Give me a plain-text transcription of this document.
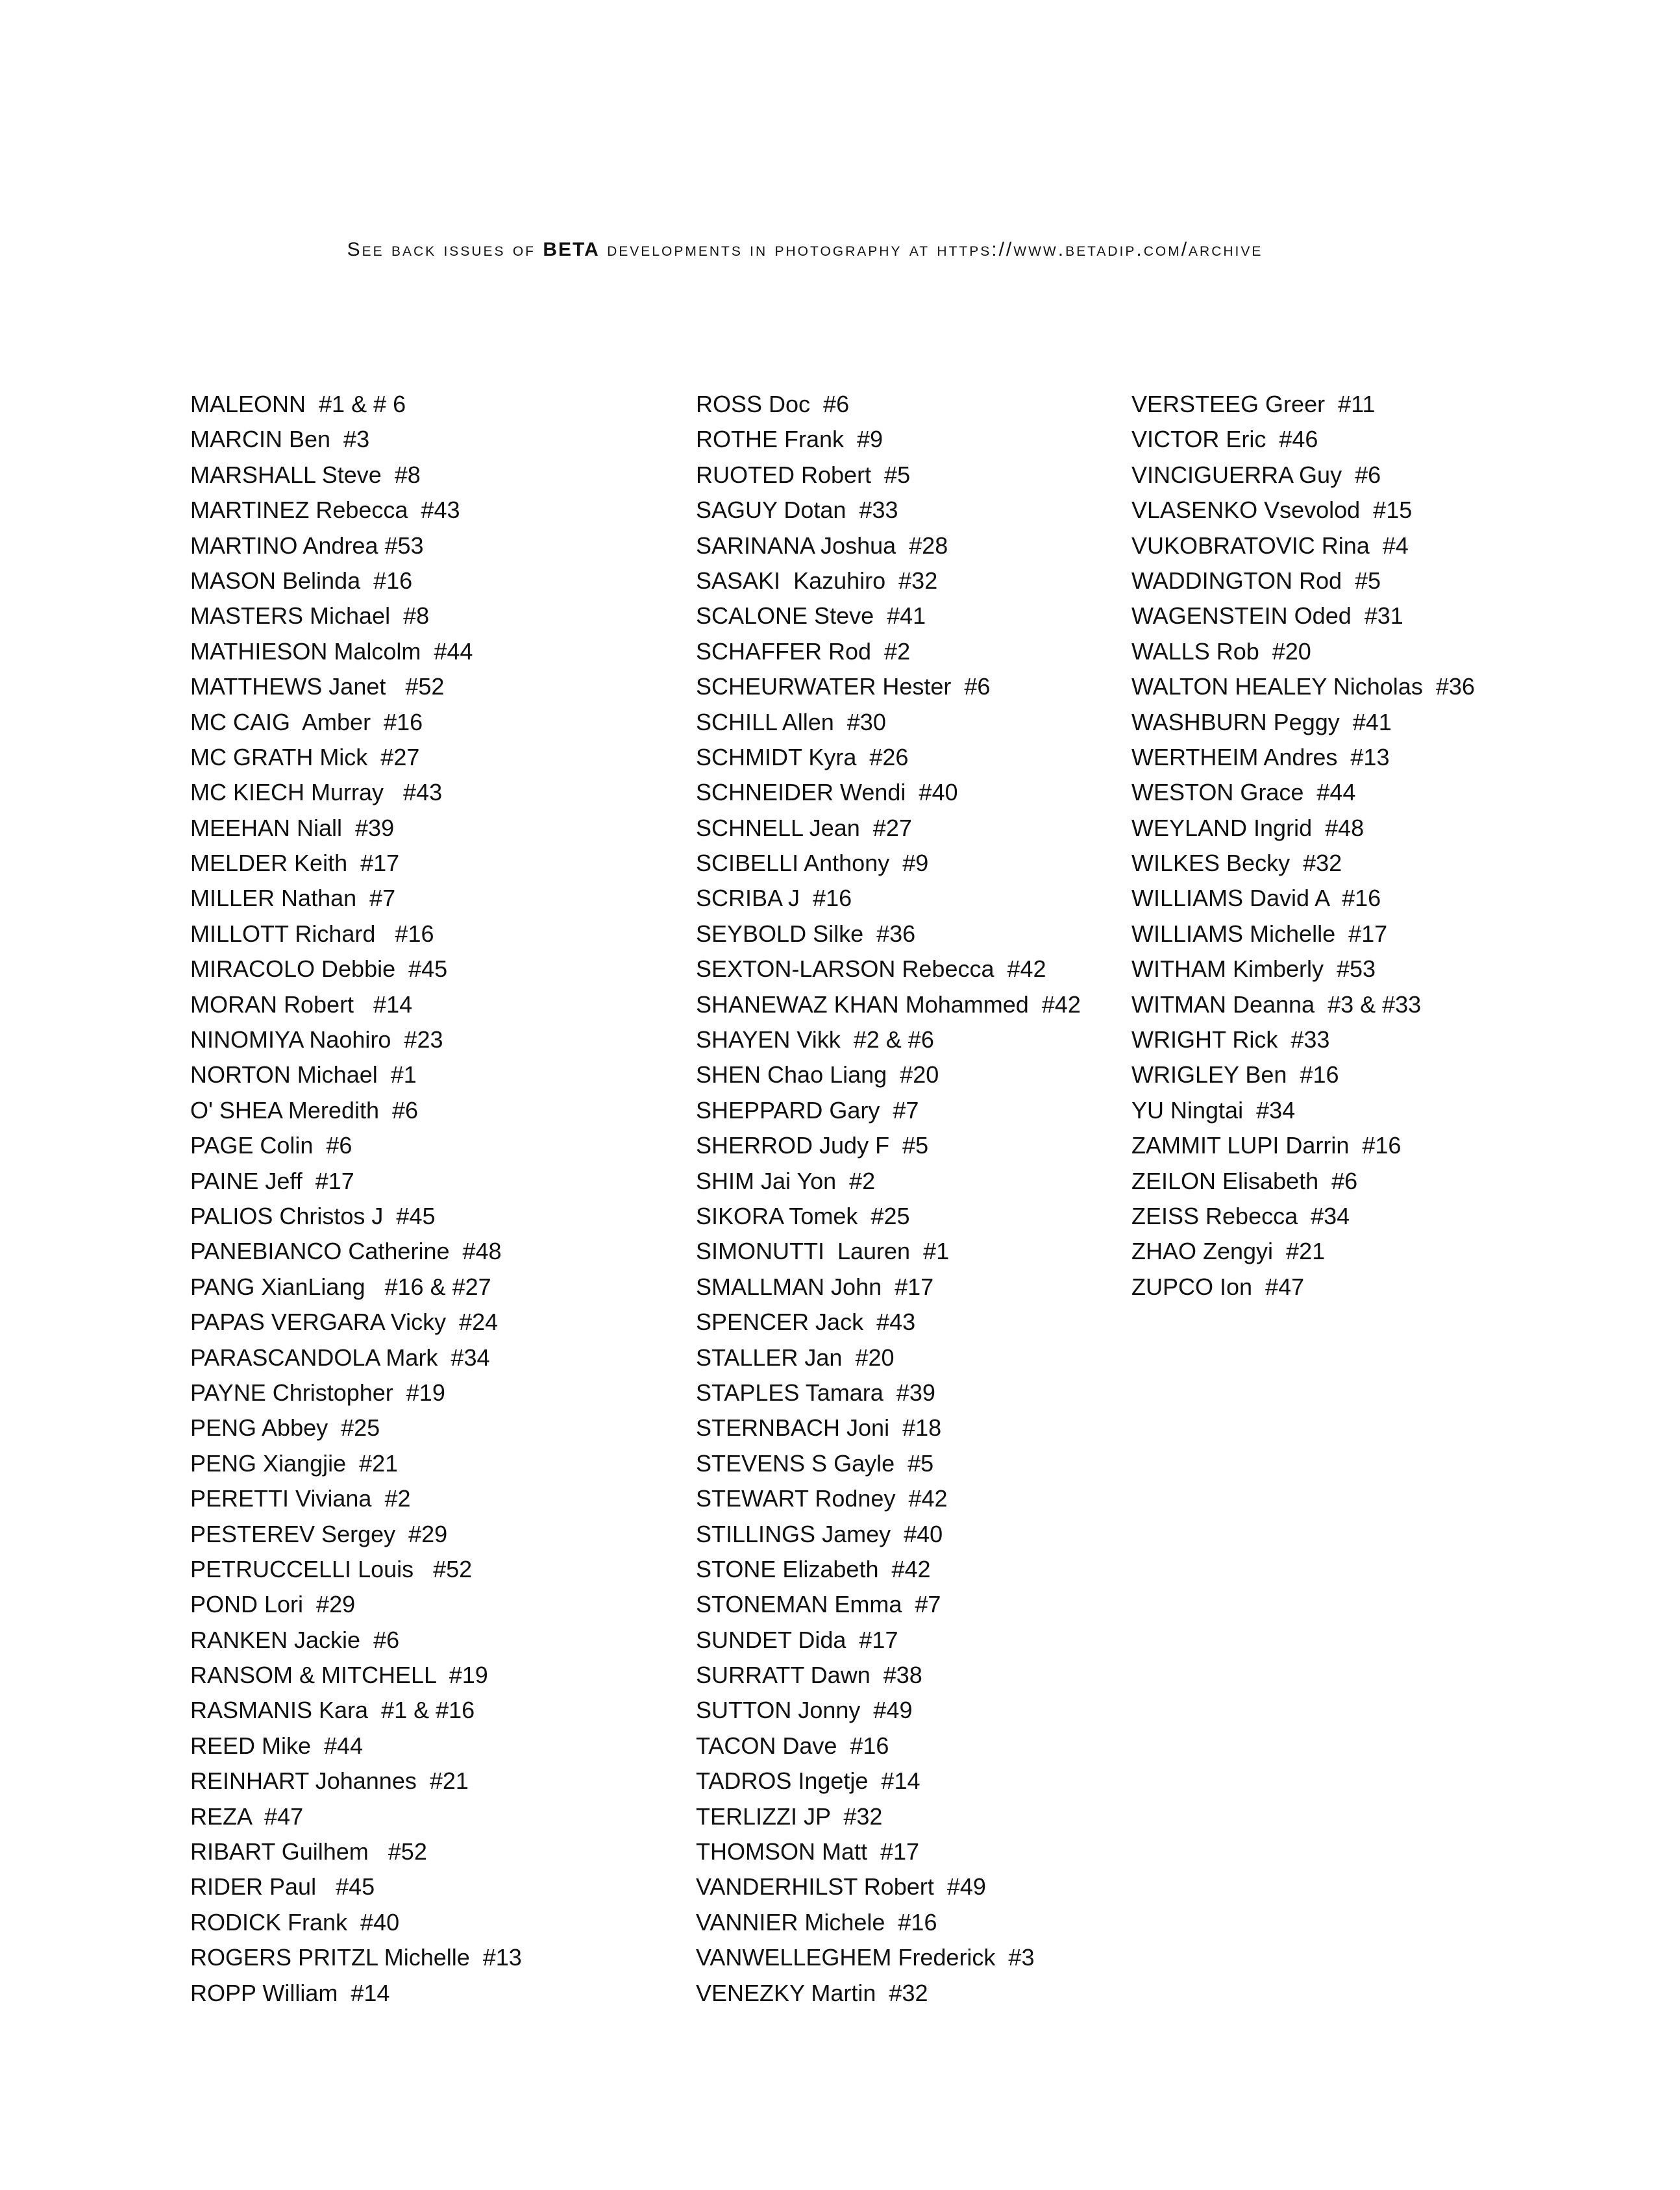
See back issues of BETA developments in photography at https://www.betadip.com/archive
MALEONN  #1 & # 6
MARCIN Ben  #3
MARSHALL Steve  #8
MARTINEZ Rebecca  #43
MARTINO Andrea #53
MASON Belinda  #16
MASTERS Michael  #8
MATHIESON Malcolm  #44
MATTHEWS Janet   #52
MC CAIG  Amber  #16
MC GRATH Mick  #27
MC KIECH Murray   #43
MEEHAN Niall  #39
MELDER Keith  #17
MILLER Nathan  #7
MILLOTT Richard   #16
MIRACOLO Debbie  #45
MORAN Robert   #14
NINOMIYA Naohiro  #23
NORTON Michael  #1
O' SHEA Meredith  #6
PAGE Colin  #6
PAINE Jeff  #17
PALIOS Christos J  #45
PANEBIANCO Catherine  #48
PANG XianLiang   #16 & #27
PAPAS VERGARA Vicky  #24
PARASCANDOLA Mark  #34
PAYNE Christopher  #19
PENG Abbey  #25
PENG Xiangjie  #21
PERETTI Viviana  #2
PESTEREV Sergey  #29
PETRUCCELLI Louis   #52
POND Lori  #29
RANKEN Jackie  #6
RANSOM & MITCHELL  #19
RASMANIS Kara  #1 & #16
REED Mike  #44
REINHART Johannes  #21
REZA  #47
RIBART Guilhem   #52
RIDER Paul   #45
RODICK Frank  #40
ROGERS PRITZL Michelle  #13
ROPP William  #14
ROSS Doc  #6
ROTHE Frank  #9
RUOTED Robert  #5
SAGUY Dotan  #33
SARINANA Joshua  #28
SASAKI  Kazuhiro  #32
SCALONE Steve  #41
SCHAFFER Rod  #2
SCHEURWATER Hester  #6
SCHILL Allen  #30
SCHMIDT Kyra  #26
SCHNEIDER Wendi  #40
SCHNELL Jean  #27
SCIBELLI Anthony  #9
SCRIBA J  #16
SEYBOLD Silke  #36
SEXTON-LARSON Rebecca  #42
SHANEWAZ KHAN Mohammed  #42
SHAYEN Vikk  #2 & #6
SHEN Chao Liang  #20
SHEPPARD Gary  #7
SHERROD Judy F  #5
SHIM Jai Yon  #2
SIKORA Tomek  #25
SIMONUTTI  Lauren  #1
SMALLMAN John  #17
SPENCER Jack  #43
STALLER Jan  #20
STAPLES Tamara  #39
STERNBACH Joni  #18
STEVENS S Gayle  #5
STEWART Rodney  #42
STILLINGS Jamey  #40
STONE Elizabeth  #42
STONEMAN Emma  #7
SUNDET Dida  #17
SURRATT Dawn  #38
SUTTON Jonny  #49
TACON Dave  #16
TADROS Ingetje  #14
TERLIZZI JP  #32
THOMSON Matt  #17
VANDERHILST Robert  #49
VANNIER Michele  #16
VANWELLEGHEM Frederick  #3
VENEZKY Martin  #32
VERSTEEG Greer  #11
VICTOR Eric  #46
VINCIGUERRA Guy  #6
VLASENKO Vsevolod  #15
VUKOBRATOVIC Rina  #4
WADDINGTON Rod  #5
WAGENSTEIN Oded  #31
WALLS Rob  #20
WALTON HEALEY Nicholas  #36
WASHBURN Peggy  #41
WERTHEIM Andres  #13
WESTON Grace  #44
WEYLAND Ingrid  #48
WILKES Becky  #32
WILLIAMS David A  #16
WILLIAMS Michelle  #17
WITHAM Kimberly  #53
WITMAN Deanna  #3 & #33
WRIGHT Rick  #33
WRIGLEY Ben  #16
YU Ningtai  #34
ZAMMIT LUPI Darrin  #16
ZEILON Elisabeth  #6
ZEISS Rebecca  #34
ZHAO Zengyi  #21
ZUPCO Ion  #47
